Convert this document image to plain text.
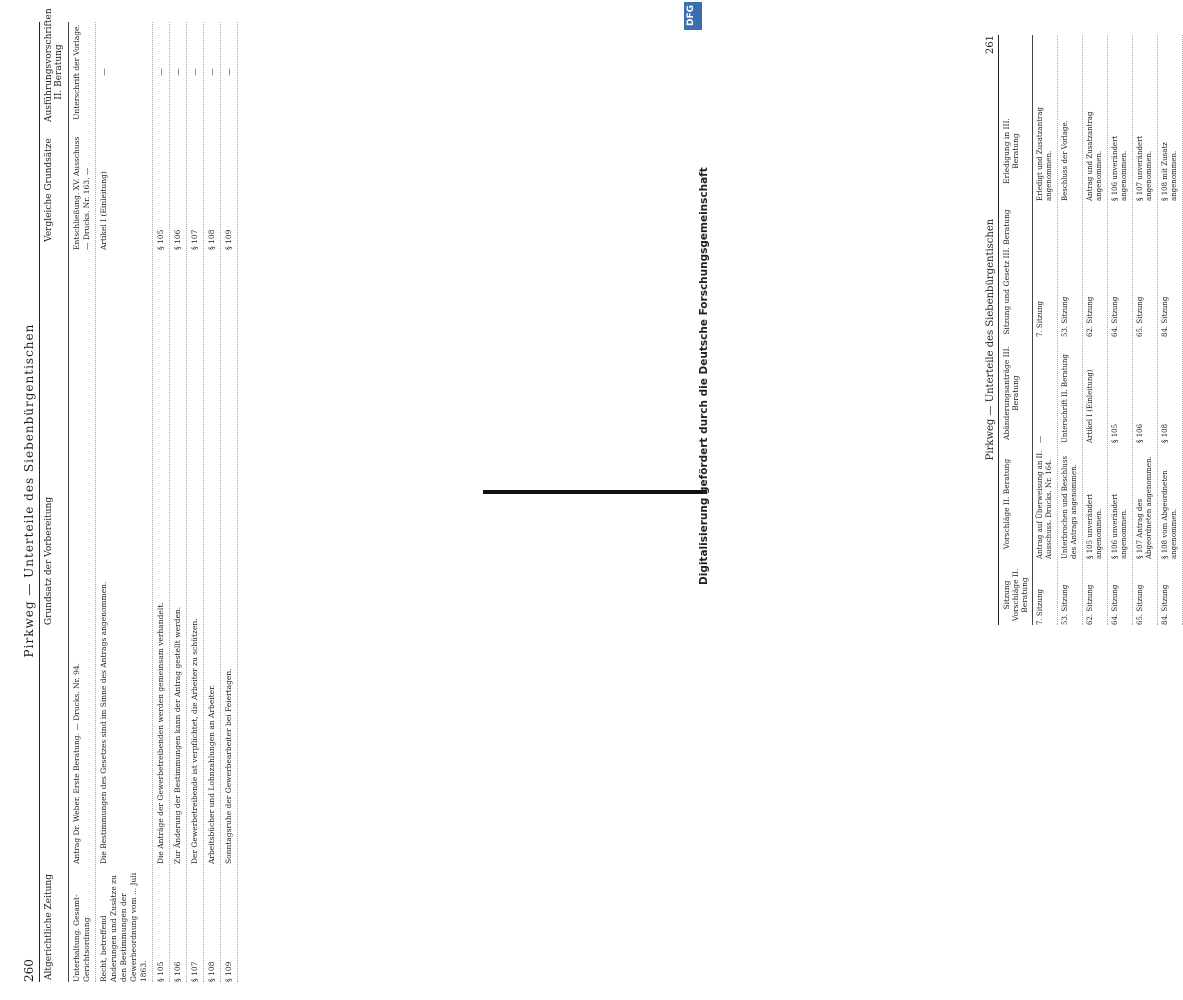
260
Pirkweg — Unterteile des Siebenbürgentischen
Altgerichtliche Zeitung
Grundsatz der Vorbereitung
Vergleiche Grundsätze
Ausführungsvorschriften II. Beratung
Unterhaltung. Gesamt-Gerichtsordnung
Antrag Dr. Weber. Erste Beratung. — Drucks. Nr. 94.
Entschließung. XV. Ausschuss — Drucks. Nr. 163. —
Unterschrift der Vorlage.
Recht, betreffend Anderungen und Zusätze zu den Bestimmungen der Gewerbeordnung vom ... Juli 1863.
Die Bestimmungen des Gesetzes sind im Sinne des Antrags angenommen.
Artikel I (Einleitung)
—
§ 105
Die Anträge der Gewerbetreibenden werden gemeinsam verhandelt.
§ 105
—
§ 106
Zur Änderung der Bestimmungen kann der Antrag gestellt werden.
§ 106
—
§ 107
Der Gewerbetreibende ist verpflichtet, die Arbeiter zu schützen.
§ 107
—
§ 108
Arbeitsbücher und Lohnzahlungen an Arbeiter.
§ 108
—
§ 109
Sonntagsruhe der Gewerbearbeiter bei Feiertagen.
§ 109
—
Pirkweg — Unterteile des Siebenbürgentischen
261
Sitzung Vorschläge II. Beratung
Vorschläge II. Beratung
Abänderungsanträge III. Beratung
Sitzung und Gesetz III. Beratung
Erledigung in III. Beratung
7. Sitzung
Antrag auf Überweisung an II. Ausschuss. Drucks. Nr. 164.
—
7. Sitzung
Erledigt und Zusatzantrag angenommen.
53. Sitzung
Unterbrochen und Beschluss des Antrags angenommen.
Unterschrift II. Beratung
53. Sitzung
Beschluss der Vorlage.
62. Sitzung
§ 105 unverändert angenommen.
Artikel I (Einleitung)
62. Sitzung
Antrag und Zusatzantrag angenommen.
64. Sitzung
§ 106 unverändert angenommen.
§ 105
64. Sitzung
§ 106 unverändert angenommen.
65. Sitzung
§ 107 Antrag des Abgeordneten angenommen.
§ 106
65. Sitzung
§ 107 unverändert angenommen.
84. Sitzung
§ 108 vom Abgeordneten angenommen.
§ 108
84. Sitzung
§ 108 mit Zusatz angenommen.
DFG
Digitalisierung gefördert durch die Deutsche Forschungsgemeinschaft
